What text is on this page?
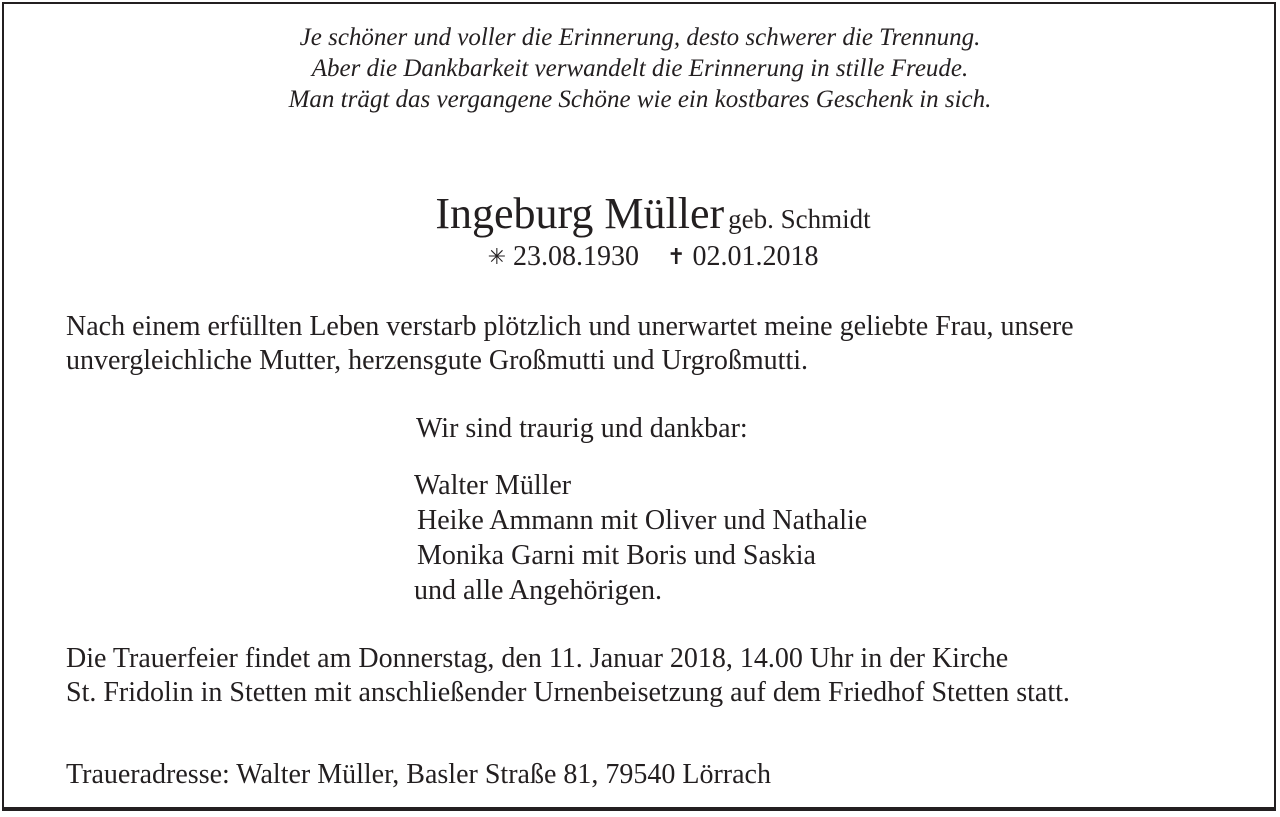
Je schöner und voller die Erinnerung, desto schwerer die Trennung.
Aber die Dankbarkeit verwandelt die Erinnerung in stille Freude.
Man trägt das vergangene Schöne wie ein kostbares Geschenk in sich.
Ingeburg Müller geb. Schmidt
✳ 23.08.1930 ✝ 02.01.2018
Nach einem erfüllten Leben verstarb plötzlich und unerwartet meine geliebte Frau, unsere
unvergleichliche Mutter, herzensgute Großmutti und Urgroßmutti.
Wir sind traurig und dankbar:
Walter Müller
Heike Ammann mit Oliver und Nathalie
Monika Garni mit Boris und Saskia
und alle Angehörigen.
Die Trauerfeier findet am Donnerstag, den 11. Januar 2018, 14.00 Uhr in der Kirche
St. Fridolin in Stetten mit anschließender Urnenbeisetzung auf dem Friedhof Stetten statt.
Traueradresse: Walter Müller, Basler Straße 81, 79540 Lörrach
